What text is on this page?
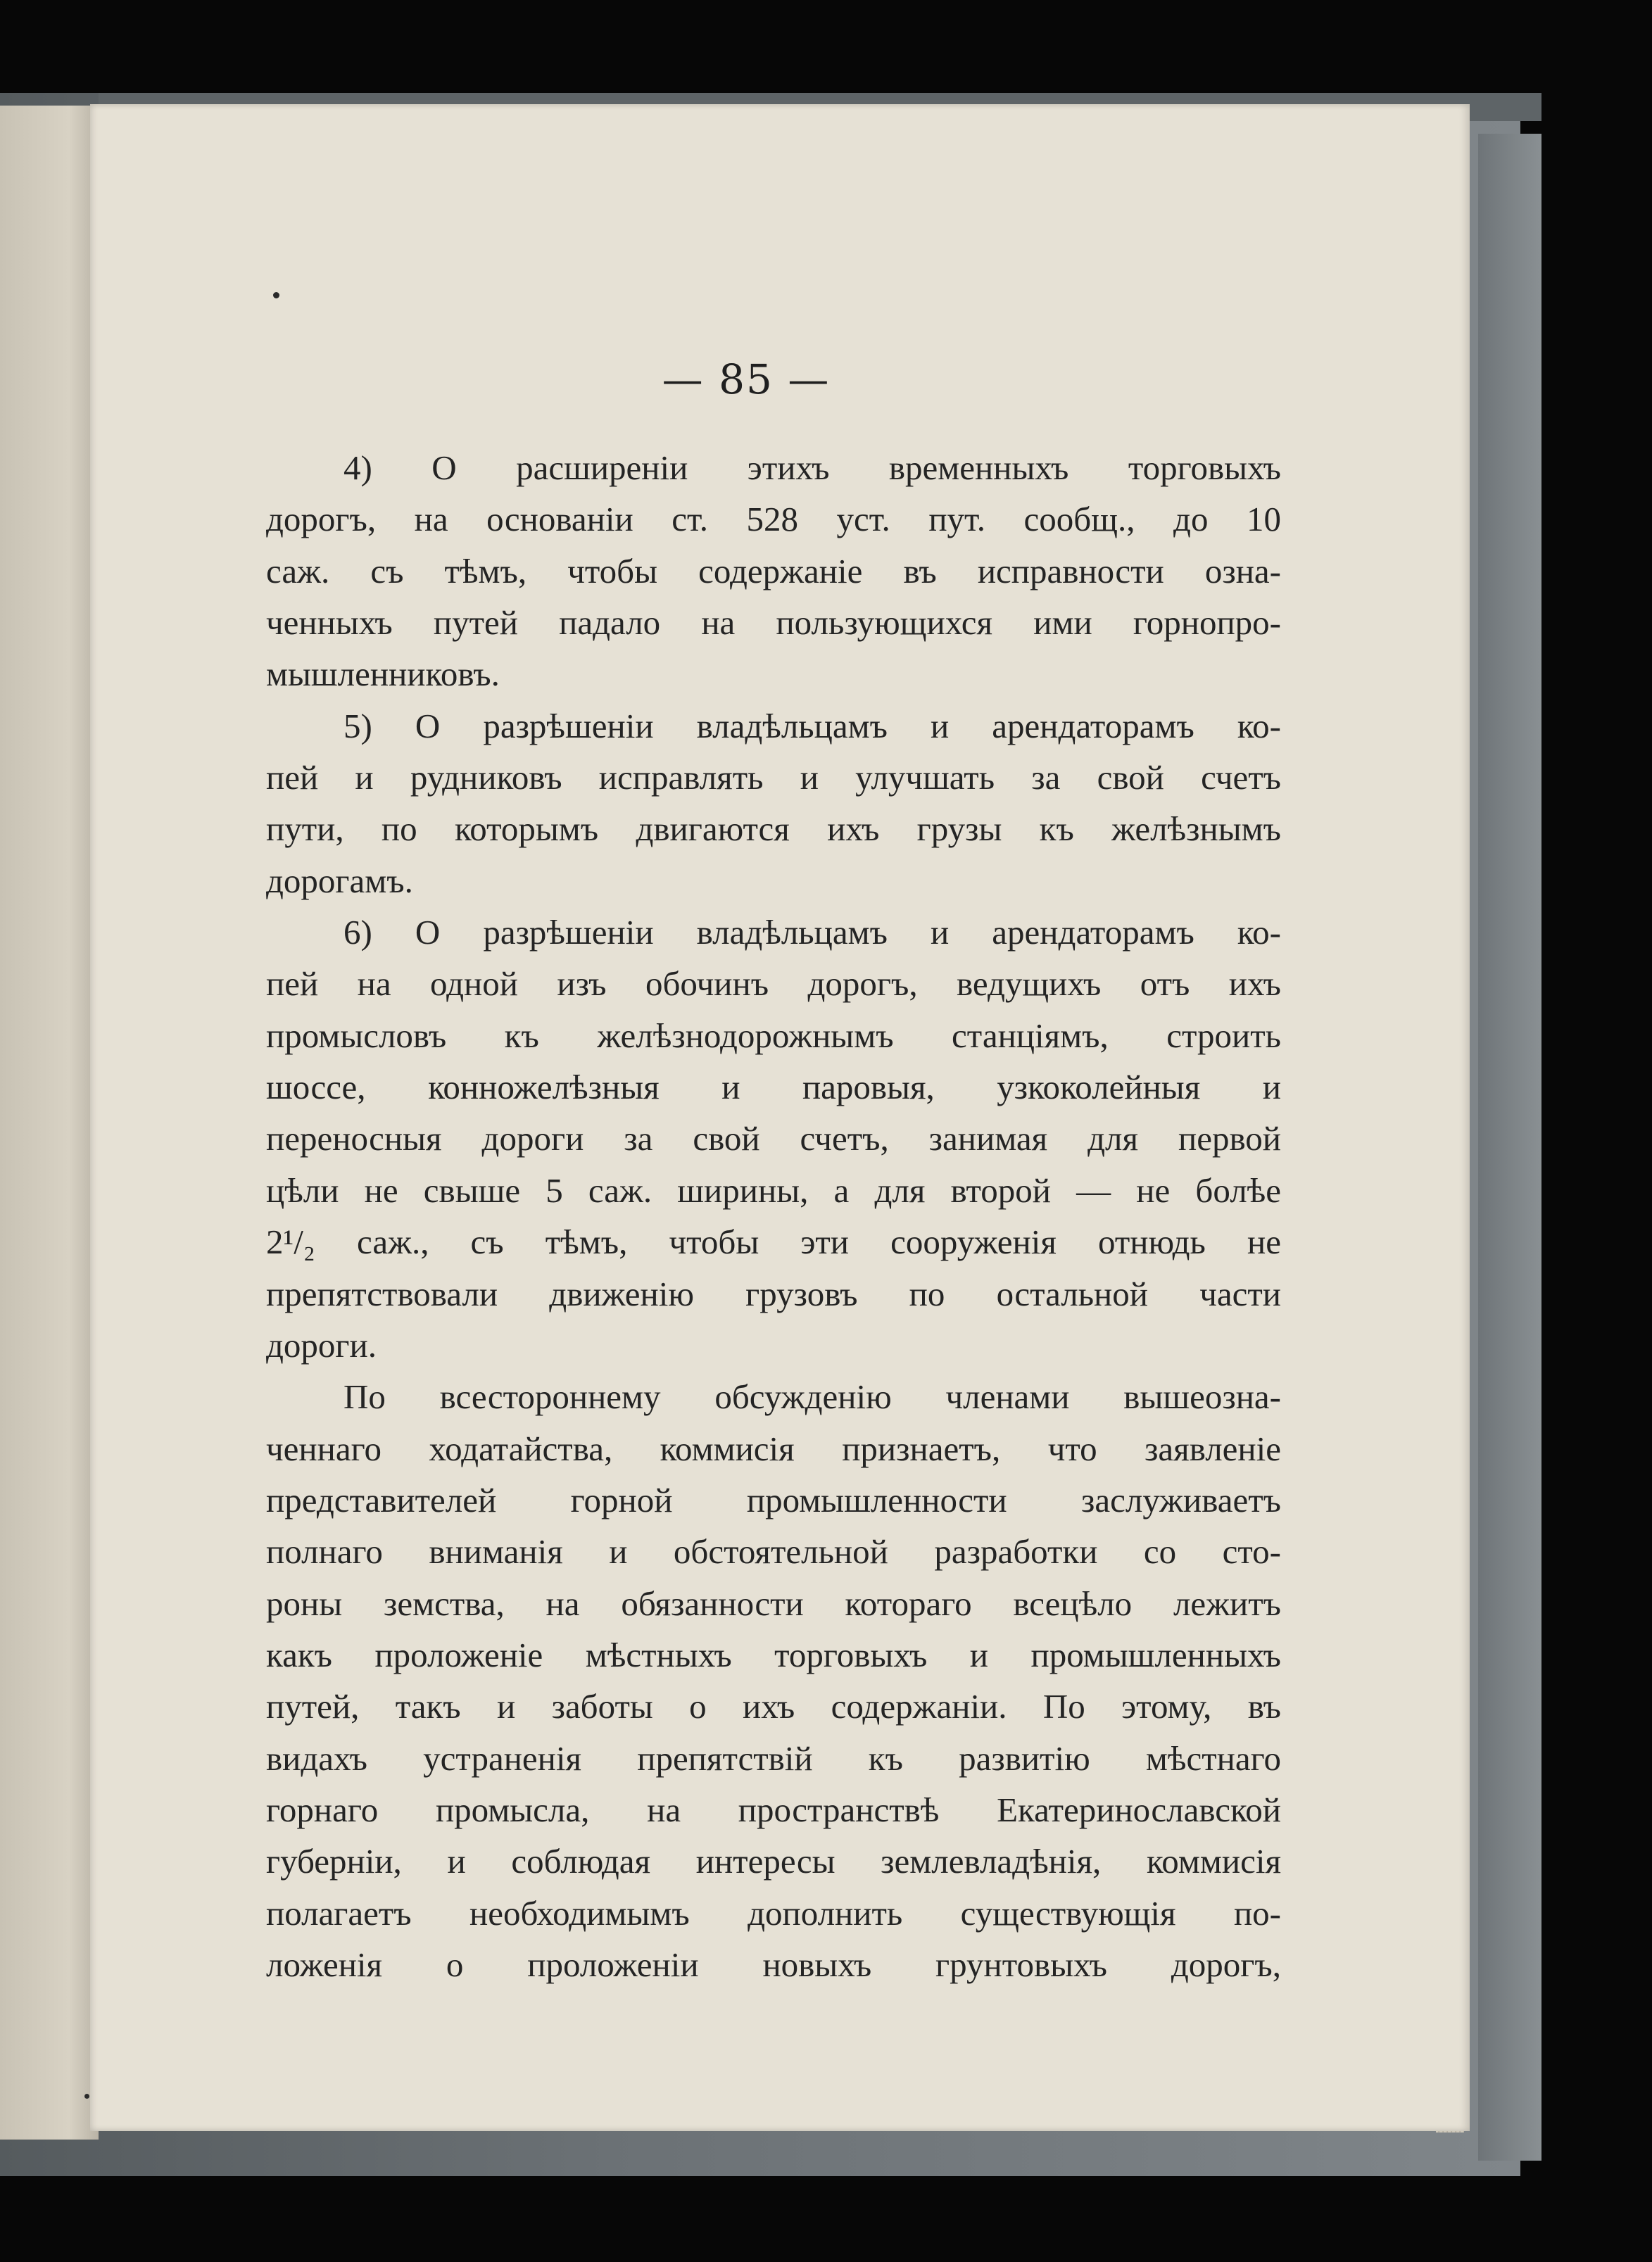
— 85 —
4) О расширеніи этихъ временныхъ торговыхъ
дорогъ, на основаніи ст. 528 уст. пут. сообщ., до 10
саж. съ тѣмъ, чтобы содержаніе въ исправности озна-
ченныхъ путей падало на пользующихся ими горнопро-
мышленниковъ.
5) О разрѣшеніи владѣльцамъ и арендаторамъ ко-
пей и рудниковъ исправлять и улучшать за свой счетъ
пути, по которымъ двигаются ихъ грузы къ желѣзнымъ
дорогамъ.
6) О разрѣшеніи владѣльцамъ и арендаторамъ ко-
пей на одной изъ обочинъ дорогъ, ведущихъ отъ ихъ
промысловъ къ желѣзнодорожнымъ станціямъ, строить
шоссе, конножелѣзныя и паровыя, узкоколейныя и
переносныя дороги за свой счетъ, занимая для первой
цѣли не свыше 5 саж. ширины, а для второй — не болѣе
2¹/₂ саж., съ тѣмъ, чтобы эти сооруженія отнюдь не
препятствовали движенію грузовъ по остальной части
дороги.
По всестороннему обсужденію членами вышеозна-
ченнаго ходатайства, коммисія признаетъ, что заявленіе
представителей горной промышленности заслуживаетъ
полнаго вниманія и обстоятельной разработки со сто-
роны земства, на обязанности котораго всецѣло лежитъ
какъ проложеніе мѣстныхъ торговыхъ и промышленныхъ
путей, такъ и заботы о ихъ содержаніи. По этому, въ
видахъ устраненія препятствій къ развитію мѣстнаго
горнаго промысла, на пространствѣ Екатеринославской
губерніи, и соблюдая интересы землевладѣнія, коммисія
полагаетъ необходимымъ дополнить существующія по-
ложенія о проложеніи новыхъ грунтовыхъ дорогъ,
